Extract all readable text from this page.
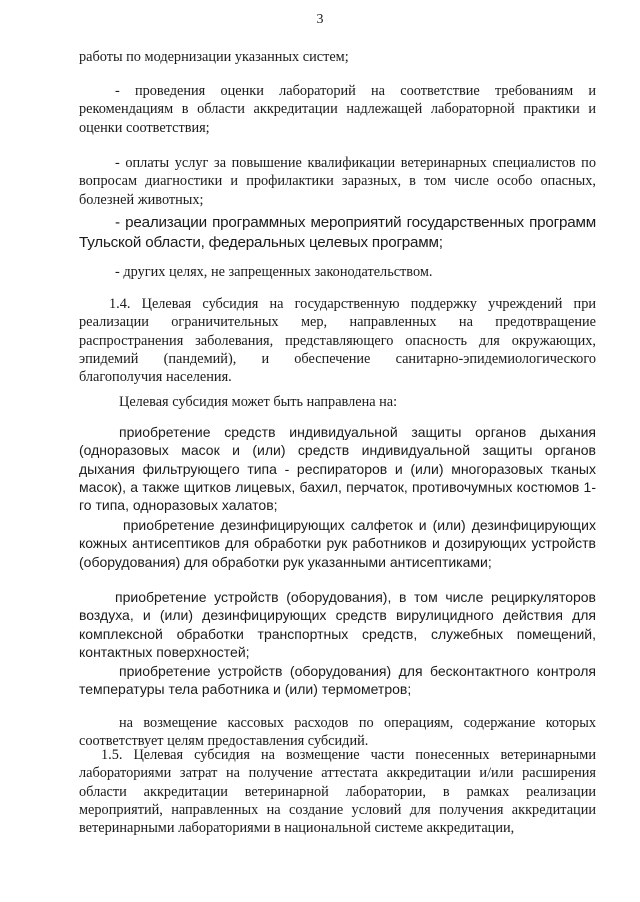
3

работы по модернизации указанных систем;

- проведения оценки лабораторий на соответствие требованиям и рекомендациям в области аккредитации надлежащей лабораторной практики и оценки соответствия;

- оплаты услуг за повышение квалификации ветеринарных специалистов по вопросам диагностики и профилактики заразных, в том числе особо опасных, болезней животных;

- реализации программных мероприятий государственных программ Тульской области, федеральных целевых программ;

- других целях, не запрещенных законодательством.

1.4. Целевая субсидия на государственную поддержку учреждений при реализации ограничительных мер, направленных на предотвращение распространения заболевания, представляющего опасность для окружающих, эпидемий (пандемий), и обеспечение санитарно-эпидемиологического благополучия населения.

Целевая субсидия может быть направлена на:

приобретение средств индивидуальной защиты органов дыхания (одноразовых масок и (или) средств индивидуальной защиты органов дыхания фильтрующего типа - респираторов и (или) многоразовых тканых масок), а также щитков лицевых, бахил, перчаток, противочумных костюмов 1-го типа, одноразовых халатов;

приобретение дезинфицирующих салфеток и (или) дезинфицирующих кожных антисептиков для обработки рук работников и дозирующих устройств (оборудования) для обработки рук указанными антисептиками;

приобретение устройств (оборудования), в том числе рециркуляторов воздуха, и (или) дезинфицирующих средств вирулицидного действия для комплексной обработки транспортных средств, служебных помещений, контактных поверхностей;

приобретение устройств (оборудования) для бесконтактного контроля температуры тела работника и (или) термометров;

на возмещение кассовых расходов по операциям, содержание которых соответствует целям предоставления субсидий.

1.5. Целевая субсидия на возмещение части понесенных ветеринарными лабораториями затрат на получение аттестата аккредитации и/или расширения области аккредитации ветеринарной лаборатории, в рамках реализации мероприятий, направленных на создание условий для получения аккредитации ветеринарными лабораториями в национальной системе аккредитации,
